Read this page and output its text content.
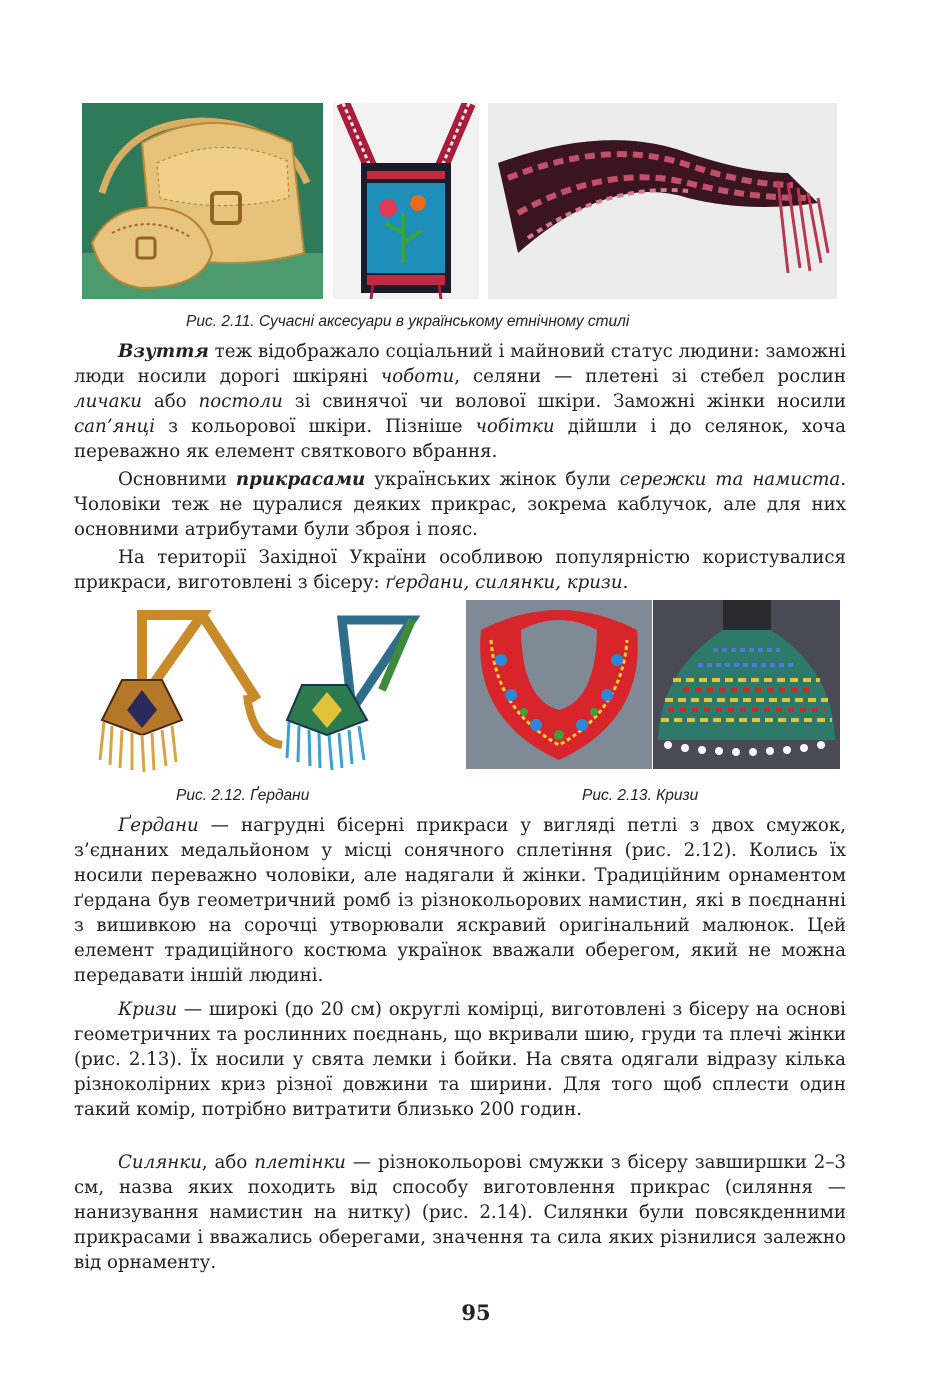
Рис. 2.11. Сучасні аксесуари в українському етнічному стилі

Взуття теж відображало соціальний і майновий статус людини: заможні люди носили дорогі шкіряні чоботи, селяни — плетені зі стебел рослин личаки або постоли зі свинячої чи волової шкіри. Заможні жінки носили сап’янці з кольорової шкіри. Пізніше чобітки дійшли і до селянок, хоча переважно як елемент святкового вбрання.

Основними прикрасами українських жінок були сережки та намиста. Чоловіки теж не цуралися деяких прикрас, зокрема каблучок, але для них основними атрибутами були зброя і пояс.

На території Західної України особливою популярністю користувалися прикраси, виготовлені з бісеру: ґердани, силянки, кризи.

Рис. 2.12. Ґердани	Рис. 2.13. Кризи

Ґердани — нагрудні бісерні прикраси у вигляді петлі з двох смужок, з’єднаних медальйоном у місці сонячного сплетіння (рис. 2.12). Колись їх носили переважно чоловіки, але надягали й жінки. Традиційним орнаментом ґердана був геометричний ромб із різнокольорових намистин, які в поєднанні з вишивкою на сорочці утворювали яскравий оригінальний малюнок. Цей елемент традиційного костюма українок вважали оберегом, який не можна передавати іншій людині.

Кризи — широкі (до 20 см) округлі комірці, виготовлені з бісеру на основі геометричних та рослинних поєднань, що вкривали шию, груди та плечі жінки (рис. 2.13). Їх носили у свята лемки і бойки. На свята одягали відразу кілька різноколірних криз різної довжини та ширини. Для того щоб сплести один такий комір, потрібно витратити близько 200 годин.

Силянки, або плетінки — різнокольорові смужки з бісеру завширшки 2–3 см, назва яких походить від способу виготовлення прикрас (силяння — нанизування намистин на нитку) (рис. 2.14). Силянки були повсякденними прикрасами і вважались оберегами, значення та сила яких різнилися залежно від орнаменту.

95
